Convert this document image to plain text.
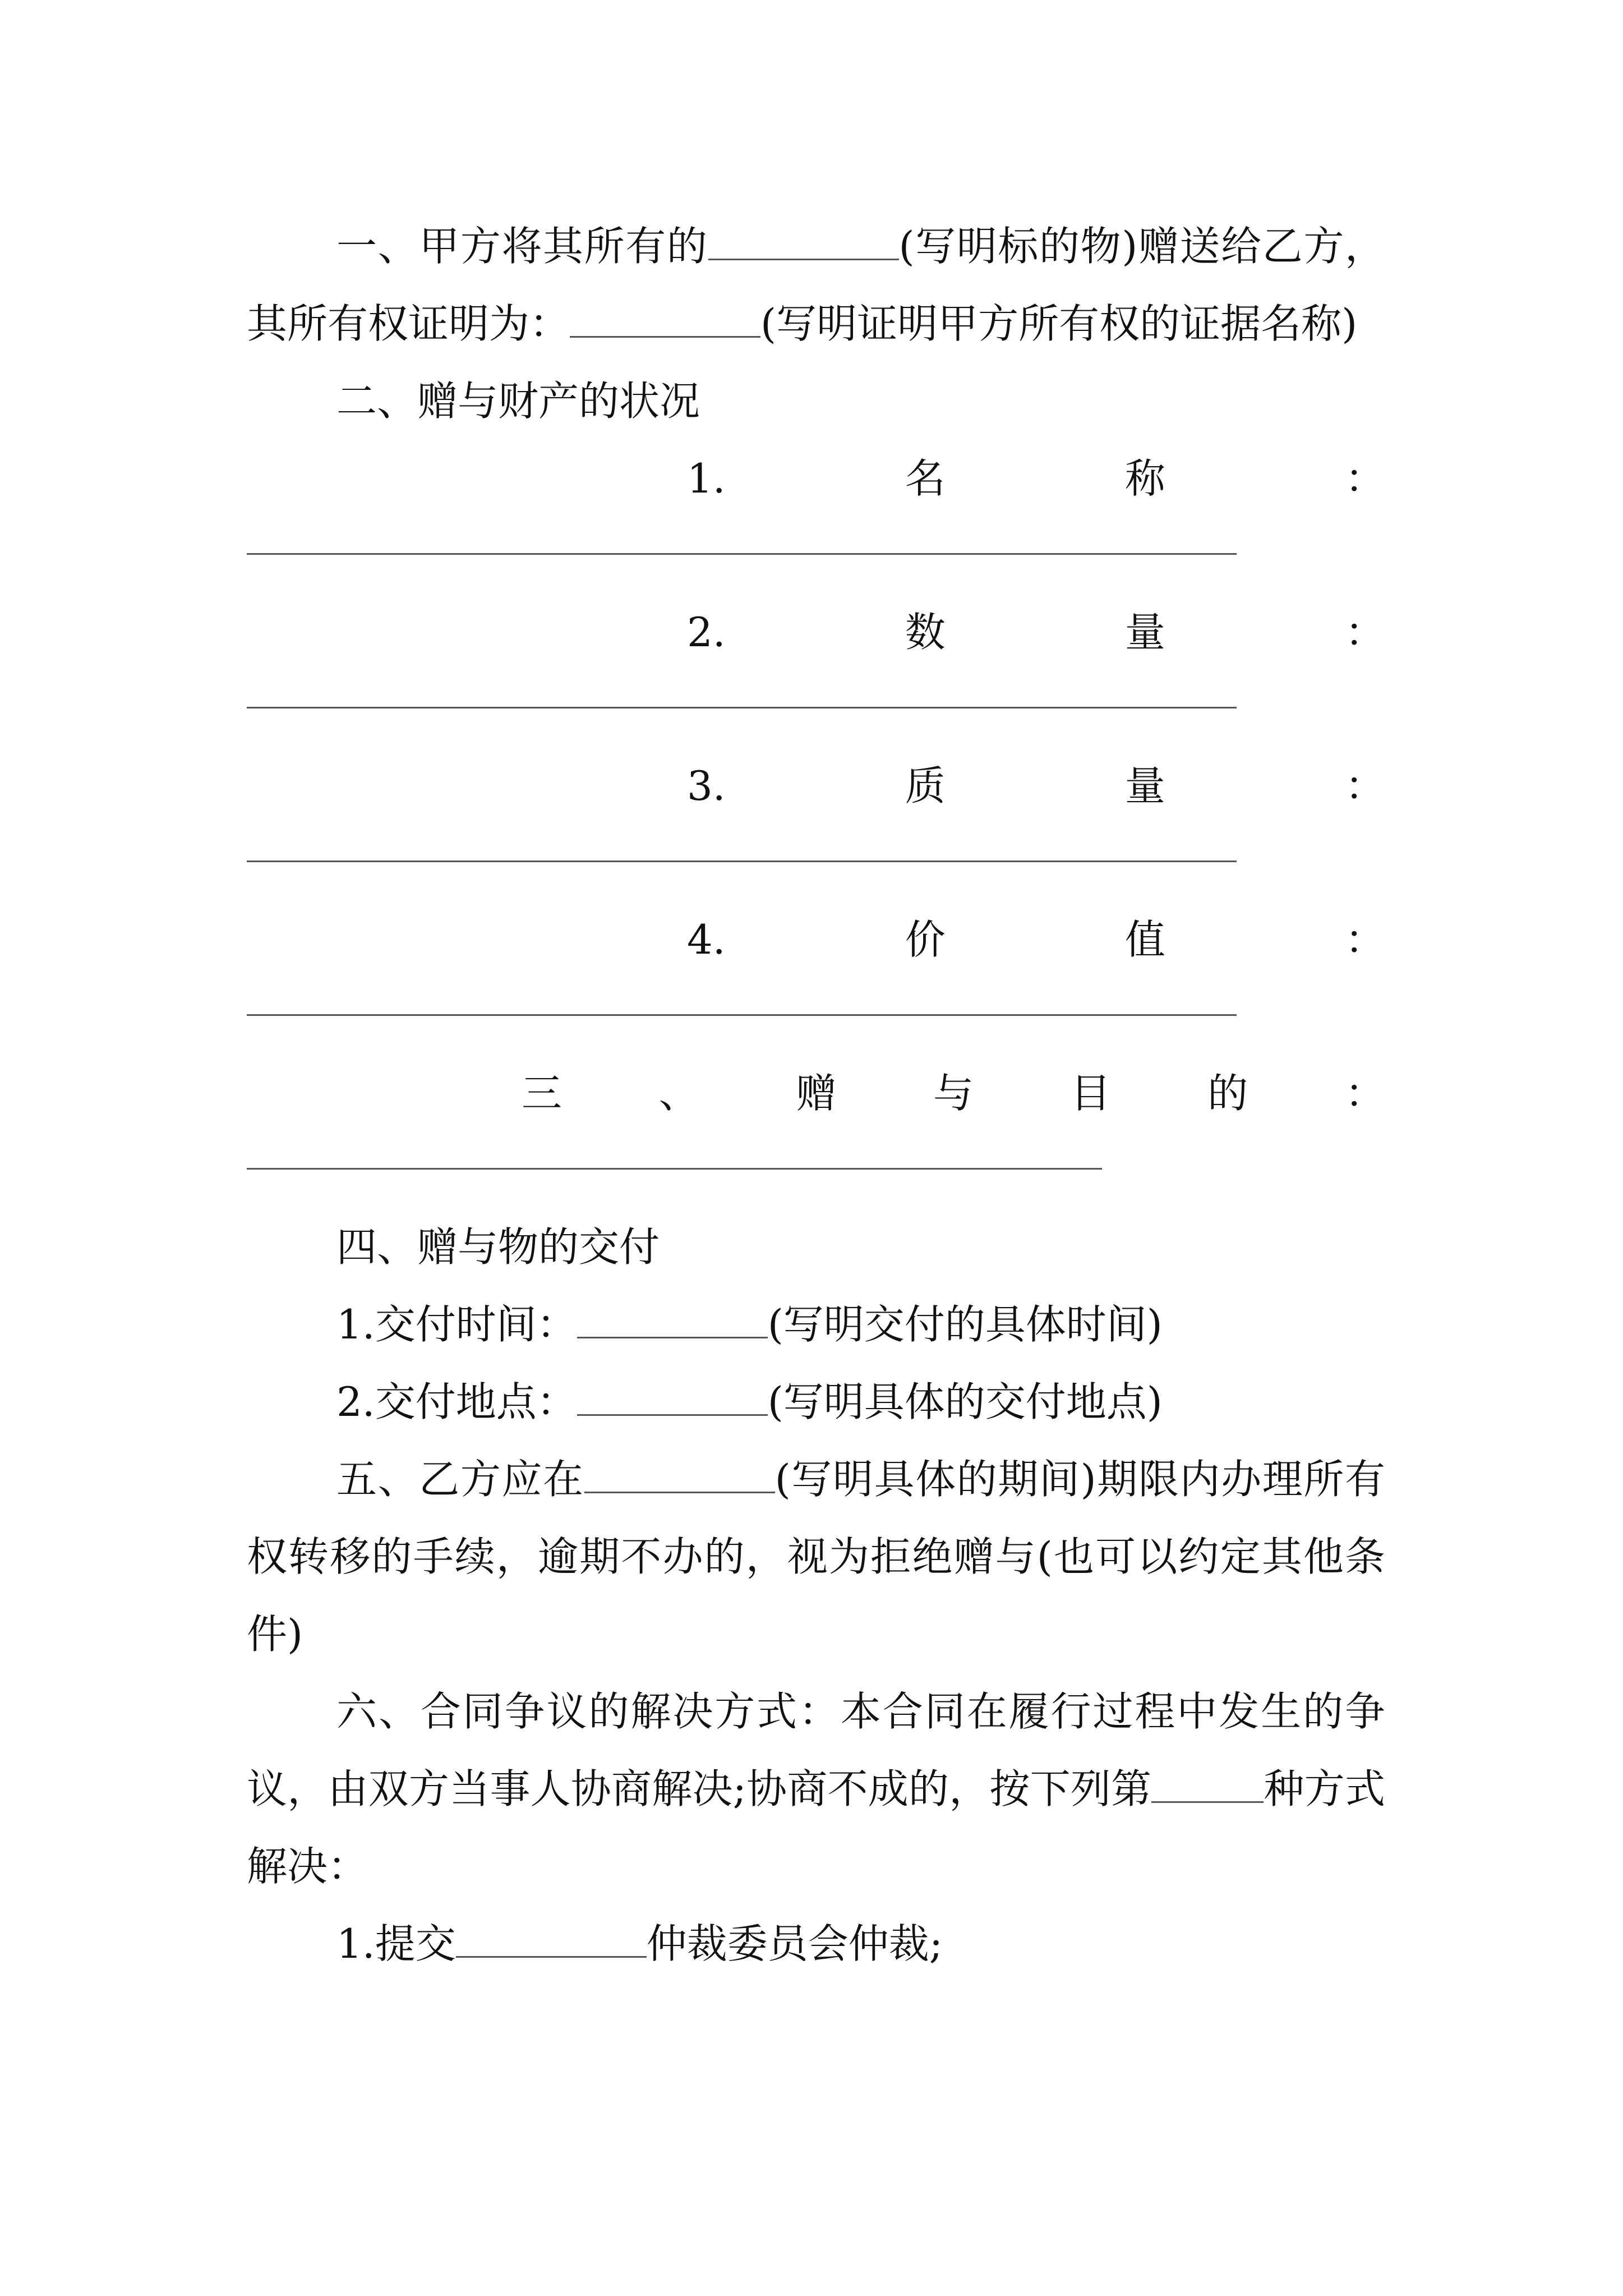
一、甲方将其所有的	(写明标的物)赠送给乙方，其所有权证明为：	(写明证明甲方所有权的证据名称)

二、赠与财产的状况

1.	名	称	：
2.	数	量	：
3.	质	量	：
4.	价	值	：
三 、 赠 与 目 的 ：

四、赠与物的交付

1.交付时间：	(写明交付的具体时间)

2.交付地点：	(写明具体的交付地点)

五、乙方应在	(写明具体的期间)期限内办理所有权转移的手续，逾期不办的，视为拒绝赠与(也可以约定其他条件)

六、合同争议的解决方式：本合同在履行过程中发生的争议，由双方当事人协商解决;协商不成的，按下列第	种方式解决：

1.提交	仲裁委员会仲裁;
